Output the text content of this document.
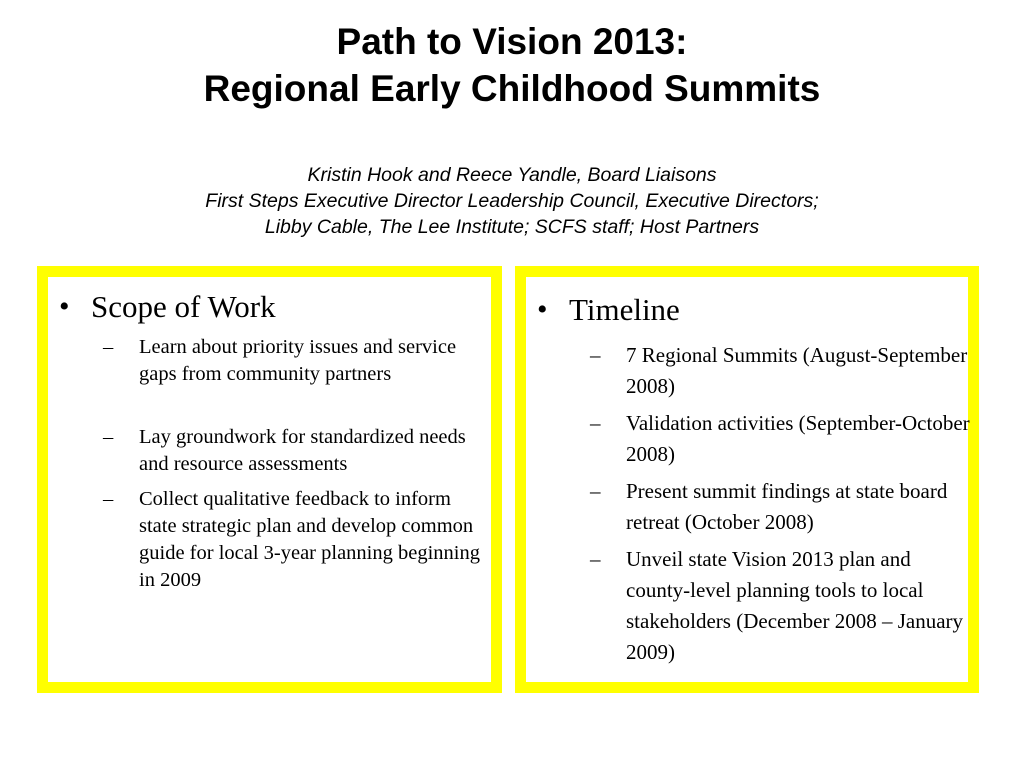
Path to Vision 2013:
Regional Early Childhood Summits
Kristin Hook and Reece Yandle, Board Liaisons
First Steps Executive Director Leadership Council, Executive Directors;
Libby Cable, The Lee Institute; SCFS staff; Host Partners
• Scope of Work
– Learn about priority issues and service gaps from community partners
– Lay groundwork for standardized needs and resource assessments
– Collect qualitative feedback to inform state strategic plan and develop common guide for local 3-year planning beginning in 2009
• Timeline
– 7 Regional Summits (August-September 2008)
– Validation activities (September-October 2008)
– Present summit findings at state board retreat (October 2008)
– Unveil state Vision 2013 plan and county-level planning tools to local stakeholders (December 2008 – January 2009)
